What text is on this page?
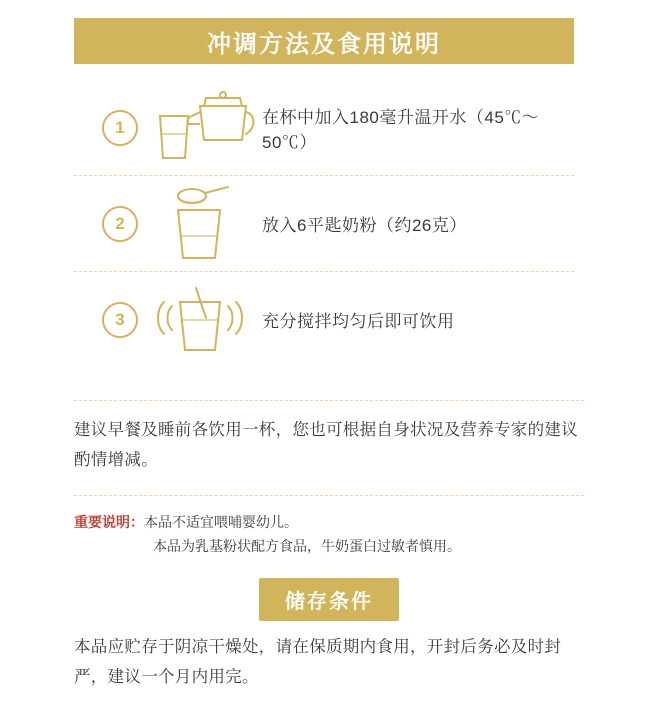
冲调方法及食用说明
1
在杯中加入180毫升温开水（45℃～50℃）
2	放入6平匙奶粉（约26克）
3	充分搅拌均匀后即可饮用
建议早餐及睡前各饮用一杯，您也可根据自身状况及营养专家的建议酌情增减。
重要说明： 本品不适宜喂哺婴幼儿。
本品为乳基粉状配方食品，牛奶蛋白过敏者慎用。
储存条件
本品应贮存于阴凉干燥处，请在保质期内食用，开封后务必及时封严，建议一个月内用完。
